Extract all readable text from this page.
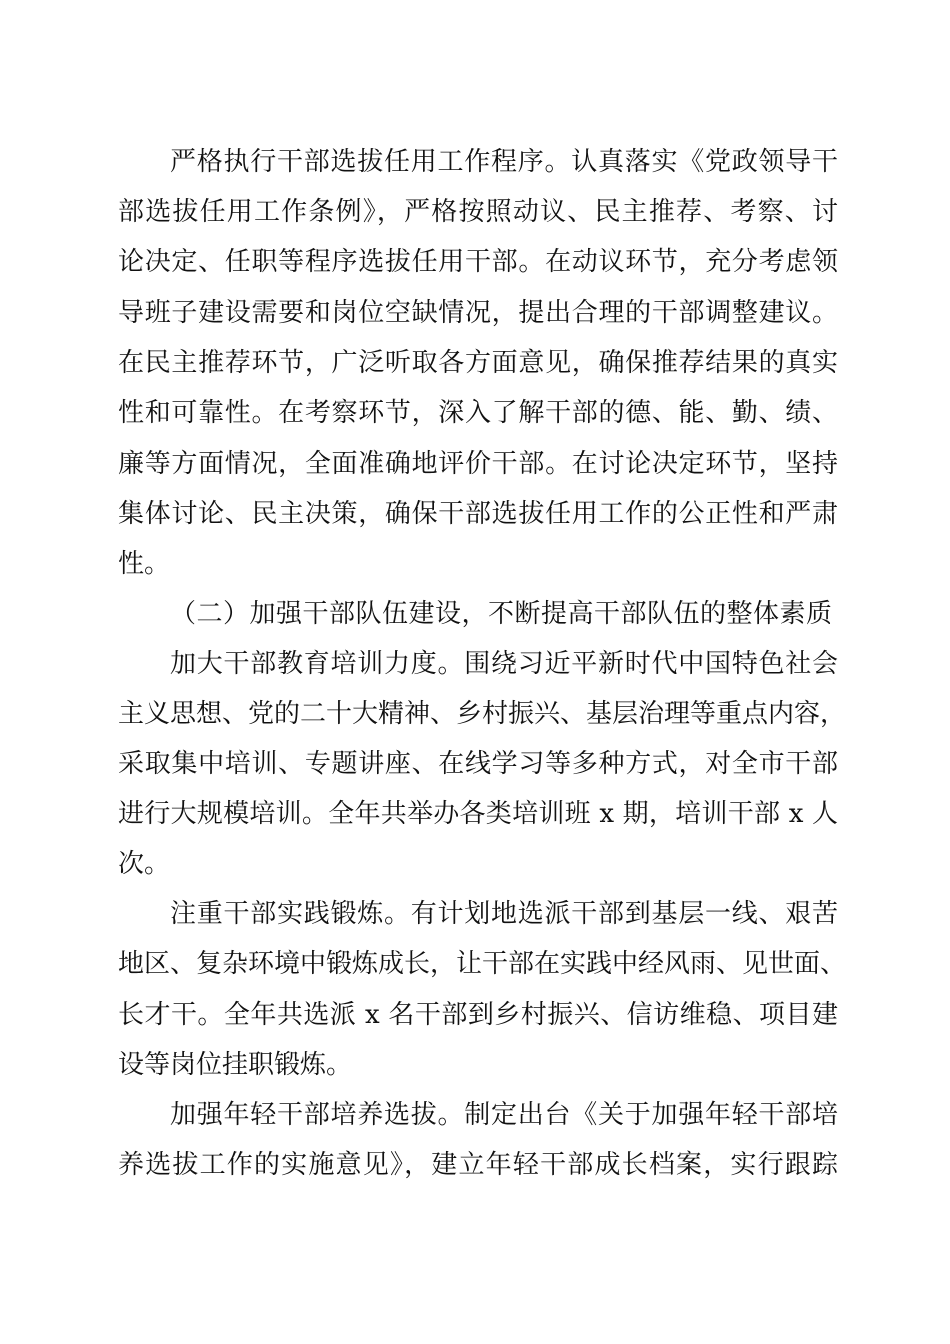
严格执行干部选拔任用工作程序。认真落实《党政领导干

部选拔任用工作条例》，严格按照动议、民主推荐、考察、讨

论决定、任职等程序选拔任用干部。在动议环节，充分考虑领

导班子建设需要和岗位空缺情况，提出合理的干部调整建议。

在民主推荐环节，广泛听取各方面意见，确保推荐结果的真实

性和可靠性。在考察环节，深入了解干部的德、能、勤、绩、

廉等方面情况，全面准确地评价干部。在讨论决定环节，坚持

集体讨论、民主决策，确保干部选拔任用工作的公正性和严肃

性。

（二）加强干部队伍建设，不断提高干部队伍的整体素质

加大干部教育培训力度。围绕习近平新时代中国特色社会

主义思想、党的二十大精神、乡村振兴、基层治理等重点内容，

采取集中培训、专题讲座、在线学习等多种方式，对全市干部

进行大规模培训。全年共举办各类培训班 x 期，培训干部 x 人

次。

注重干部实践锻炼。有计划地选派干部到基层一线、艰苦

地区、复杂环境中锻炼成长，让干部在实践中经风雨、见世面、

长才干。全年共选派 x 名干部到乡村振兴、信访维稳、项目建

设等岗位挂职锻炼。

加强年轻干部培养选拔。制定出台《关于加强年轻干部培

养选拔工作的实施意见》，建立年轻干部成长档案，实行跟踪
